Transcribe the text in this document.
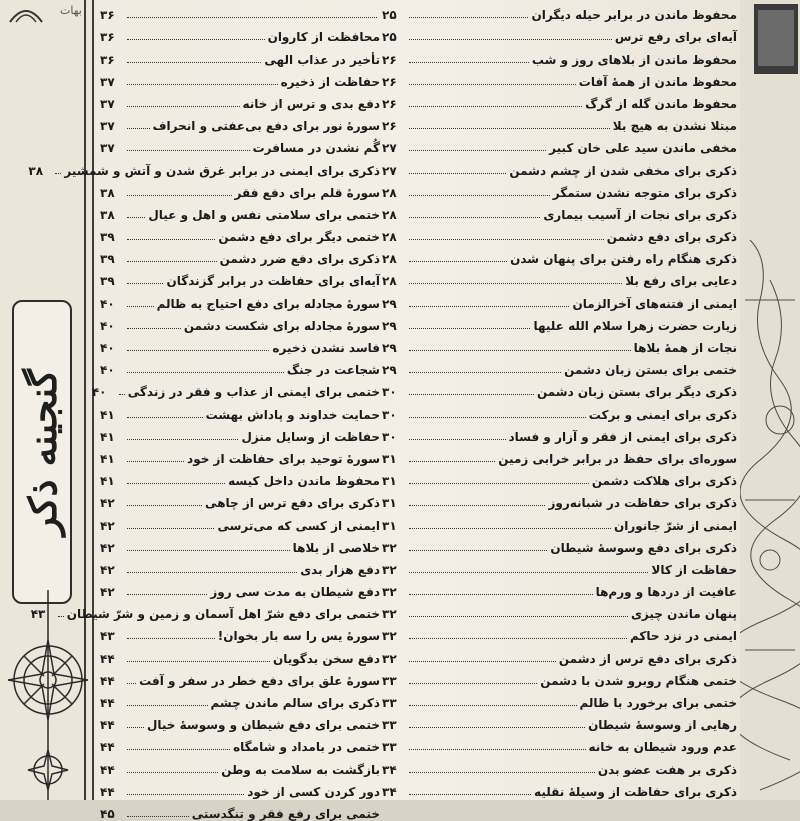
گنجینه ذکر
بهات ۳۶
محافظت از کاروان
۳۶
تأخیر در عذاب الهی
۳۶
حفاظت از ذخیره
۳۷
دفع بدی و ترس از خانه
۳۷
سورهٔ نور برای دفع بی‌عفتی و انحراف
۳۷
گُم نشدن در مسافرت
۳۷
ذکری برای ایمنی در برابر غرق شدن و آتش و شمشیر
۳۸
سورهٔ قلم برای دفع فقر
۳۸
ختمی برای سلامتی نفس و اهل و عیال
۳۸
ختمی دیگر برای دفع دشمن
۳۹
ذکری برای دفع ضرر دشمن
۳۹
آیه‌ای برای حفاظت در برابر گزندگان
۳۹
سورهٔ مجادله برای دفع احتیاج به ظالم
۴۰
سورهٔ مجادله برای شکست دشمن
۴۰
فاسد نشدن ذخیره
۴۰
شجاعت در جنگ
۴۰
ختمی برای ایمنی از عذاب و فقر در زندگی
۴۰
حمایت خداوند و پاداش بهشت
۴۱
حفاظت از وسایل منزل
۴۱
سورهٔ توحید برای حفاظت از خود
۴۱
محفوظ ماندن داخل کیسه
۴۱
ذکری برای دفع ترس از چاهی
۴۲
ایمنی از کسی که می‌ترسی
۴۲
خلاصی از بلاها
۴۲
دفع هزار بدی
۴۲
دفع شیطان به مدت سی روز
۴۲
ختمی برای دفع شرّ اهل آسمان و زمین و شرّ شیطان
۴۳
سورهٔ یس را سه بار بخوان!
۴۳
دفع سخن بدگویان
۴۴
سورهٔ علق برای دفع خطر در سفر و آفت
۴۴
ذکری برای سالم ماندن چشم
۴۴
ختمی برای دفع شیطان و وسوسهٔ خیال
۴۴
ختمی در بامداد و شامگاه
۴۴
بازگشت به سلامت به وطن
۴۴
دور کردن کسی از خود
۴۴
ختمی برای رفع فقر و تنگدستی
۴۵
محفوظ ماندن در برابر حیله دیگران
۲۵
آیه‌ای برای رفع ترس
۲۵
محفوظ ماندن از بلاهای روز و شب
۲۶
محفوظ ماندن از همهٔ آفات
۲۶
محفوظ ماندن گله از گرگ
۲۶
مبتلا نشدن به هیچ بلا
۲۶
مخفی ماندن سید علی خان کبیر
۲۷
ذکری برای مخفی شدن از چشم دشمن
۲۷
ذکری برای متوجه نشدن ستمگر
۲۸
ذکری برای نجات از آسیب بیماری
۲۸
ذکری برای دفع دشمن
۲۸
ذکری هنگام راه رفتن برای پنهان شدن
۲۸
دعایی برای رفع بلا
۲۸
ایمنی از فتنه‌های آخرالزمان
۲۹
زیارت حضرت زهرا سلام الله علیها
۲۹
نجات از همهٔ بلاها
۲۹
ختمی برای بستن زبان دشمن
۲۹
ذکری دیگر برای بستن زبان دشمن
۳۰
ذکری برای ایمنی و برکت
۳۰
ذکری برای ایمنی از فقر و آزار و فساد
۳۰
سوره‌ای برای حفظ در برابر خرابی زمین
۳۱
ذکری برای هلاکت دشمن
۳۱
ذکری برای حفاظت در شبانه‌روز
۳۱
ایمنی از شرّ جانوران
۳۱
ذکری برای دفع وسوسهٔ شیطان
۳۲
حفاظت از کالا
۳۲
عافیت از دردها و ورم‌ها
۳۲
پنهان ماندن چیزی
۳۲
ایمنی در نزد حاکم
۳۲
ذکری برای دفع ترس از دشمن
۳۲
ختمی هنگام روبرو شدن با دشمن
۳۳
ختمی برای برخورد با ظالم
۳۳
رهایی از وسوسهٔ شیطان
۳۳
عدم ورود شیطان به خانه
۳۳
ذکری بر هفت عضو بدن
۳۴
ذکری برای حفاظت از وسیلهٔ نقلیه
۳۴
